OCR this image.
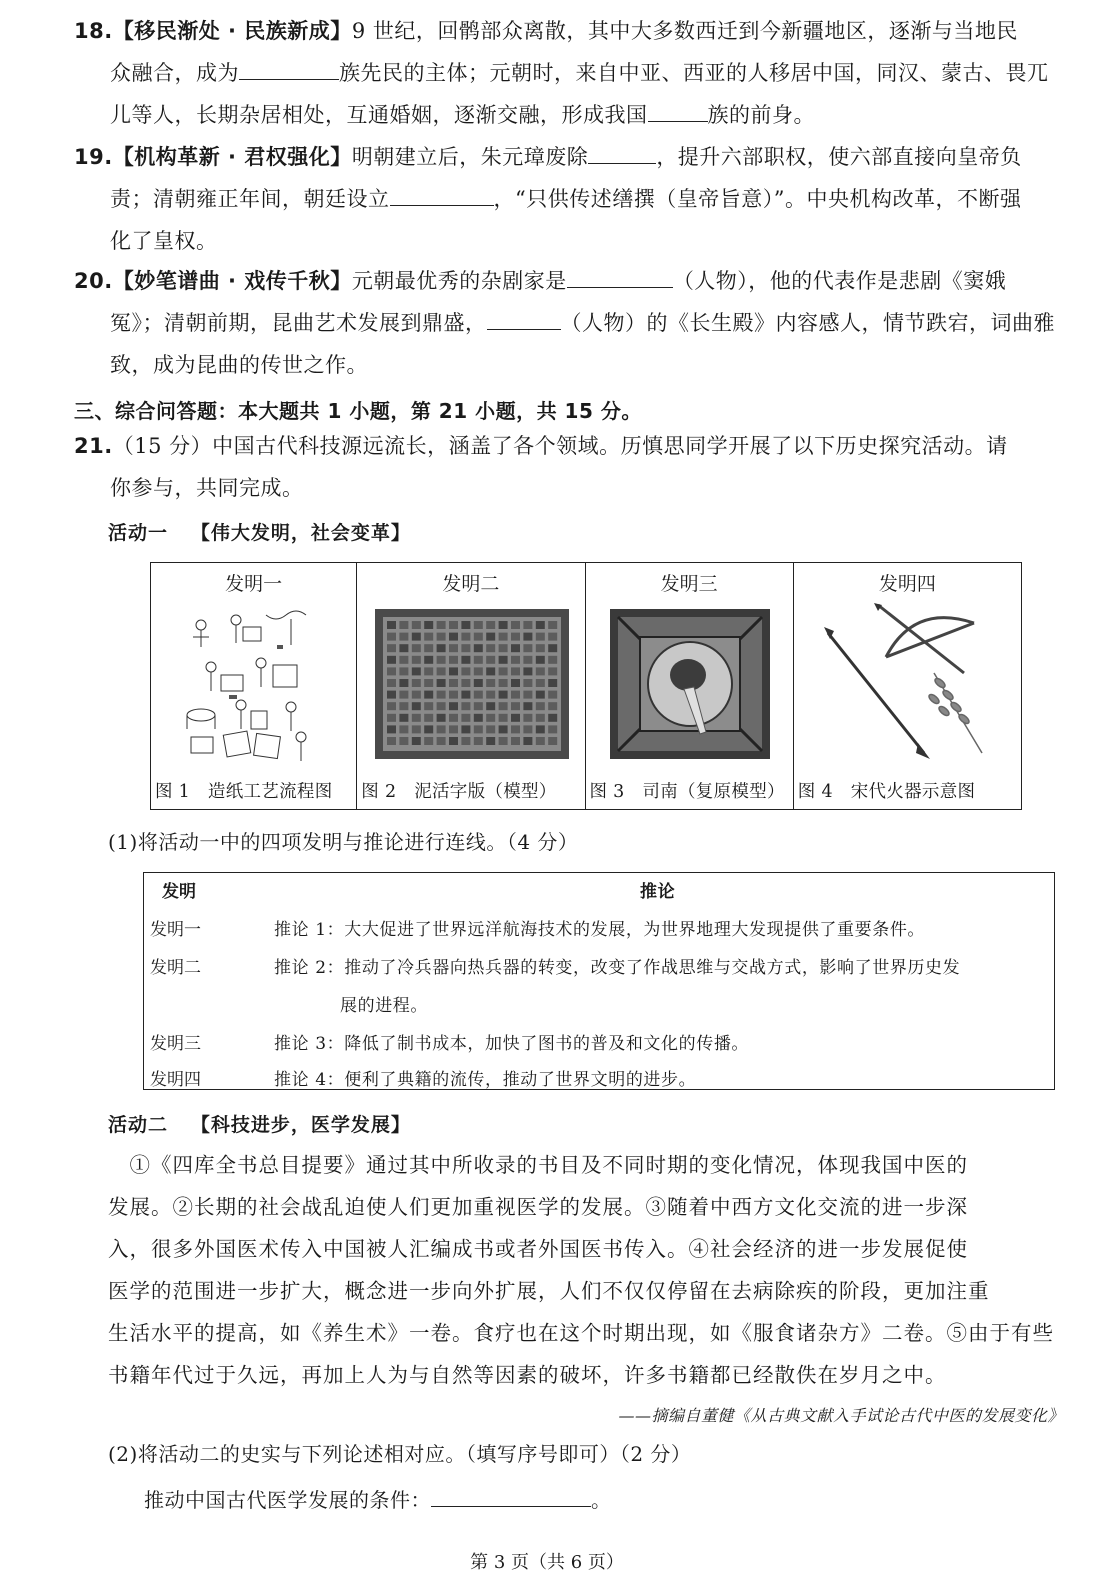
18.【移民渐处 · 民族新成】9 世纪，回鹘部众离散，其中大多数西迁到今新疆地区，逐渐与当地民
众融合，成为	族先民的主体；元朝时，来自中亚、西亚的人移居中国，同汉、蒙古、畏兀
儿等人，长期杂居相处，互通婚姻，逐渐交融，形成我国	族的前身。
19.【机构革新 · 君权强化】明朝建立后，朱元璋废除	，提升六部职权，使六部直接向皇帝负
责；清朝雍正年间，朝廷设立	，“只供传述缮撰（皇帝旨意）”。中央机构改革，不断强
化了皇权。
20.【妙笔谱曲 · 戏传千秋】元朝最优秀的杂剧家是	（人物），他的代表作是悲剧《窦娥
冤》；清朝前期，昆曲艺术发展到鼎盛，	（人物）的《长生殿》内容感人，情节跌宕，词曲雅
致，成为昆曲的传世之作。
三、综合问答题：本大题共 1 小题，第 21 小题，共 15 分。
21.（15 分）中国古代科技源远流长，涵盖了各个领域。历慎思同学开展了以下历史探究活动。请
你参与，共同完成。
活动一 【伟大发明，社会变革】
发明一
图 1　造纸工艺流程图
发明二
图 2　泥活字版（模型）
发明三
图 3　司南（复原模型）
发明四
图 4　宋代火器示意图
(1)将活动一中的四项发明与推论进行连线。（4 分）
发明	推论
发明一	推论 1：大大促进了世界远洋航海技术的发展，为世界地理大发现提供了重要条件。
发明二	推论 2：推动了冷兵器向热兵器的转变，改变了作战思维与交战方式，影响了世界历史发
展的进程。
发明三	推论 3：降低了制书成本，加快了图书的普及和文化的传播。
发明四	推论 4：便利了典籍的流传，推动了世界文明的进步。
活动二 【科技进步，医学发展】
　①《四库全书总目提要》通过其中所收录的书目及不同时期的变化情况，体现我国中医的
发展。②长期的社会战乱迫使人们更加重视医学的发展。③随着中西方文化交流的进一步深
入，很多外国医术传入中国被人汇编成书或者外国医书传入。④社会经济的进一步发展促使
医学的范围进一步扩大，概念进一步向外扩展，人们不仅仅停留在去病除疾的阶段，更加注重
生活水平的提高，如《养生术》一卷。食疗也在这个时期出现，如《服食诸杂方》二卷。⑤由于有些
书籍年代过于久远，再加上人为与自然等因素的破坏，许多书籍都已经散佚在岁月之中。
——摘编自董健《从古典文献入手试论古代中医的发展变化》
(2)将活动二的史实与下列论述相对应。（填写序号即可）（2 分）
推动中国古代医学发展的条件：	。
第 3 页（共 6 页）
